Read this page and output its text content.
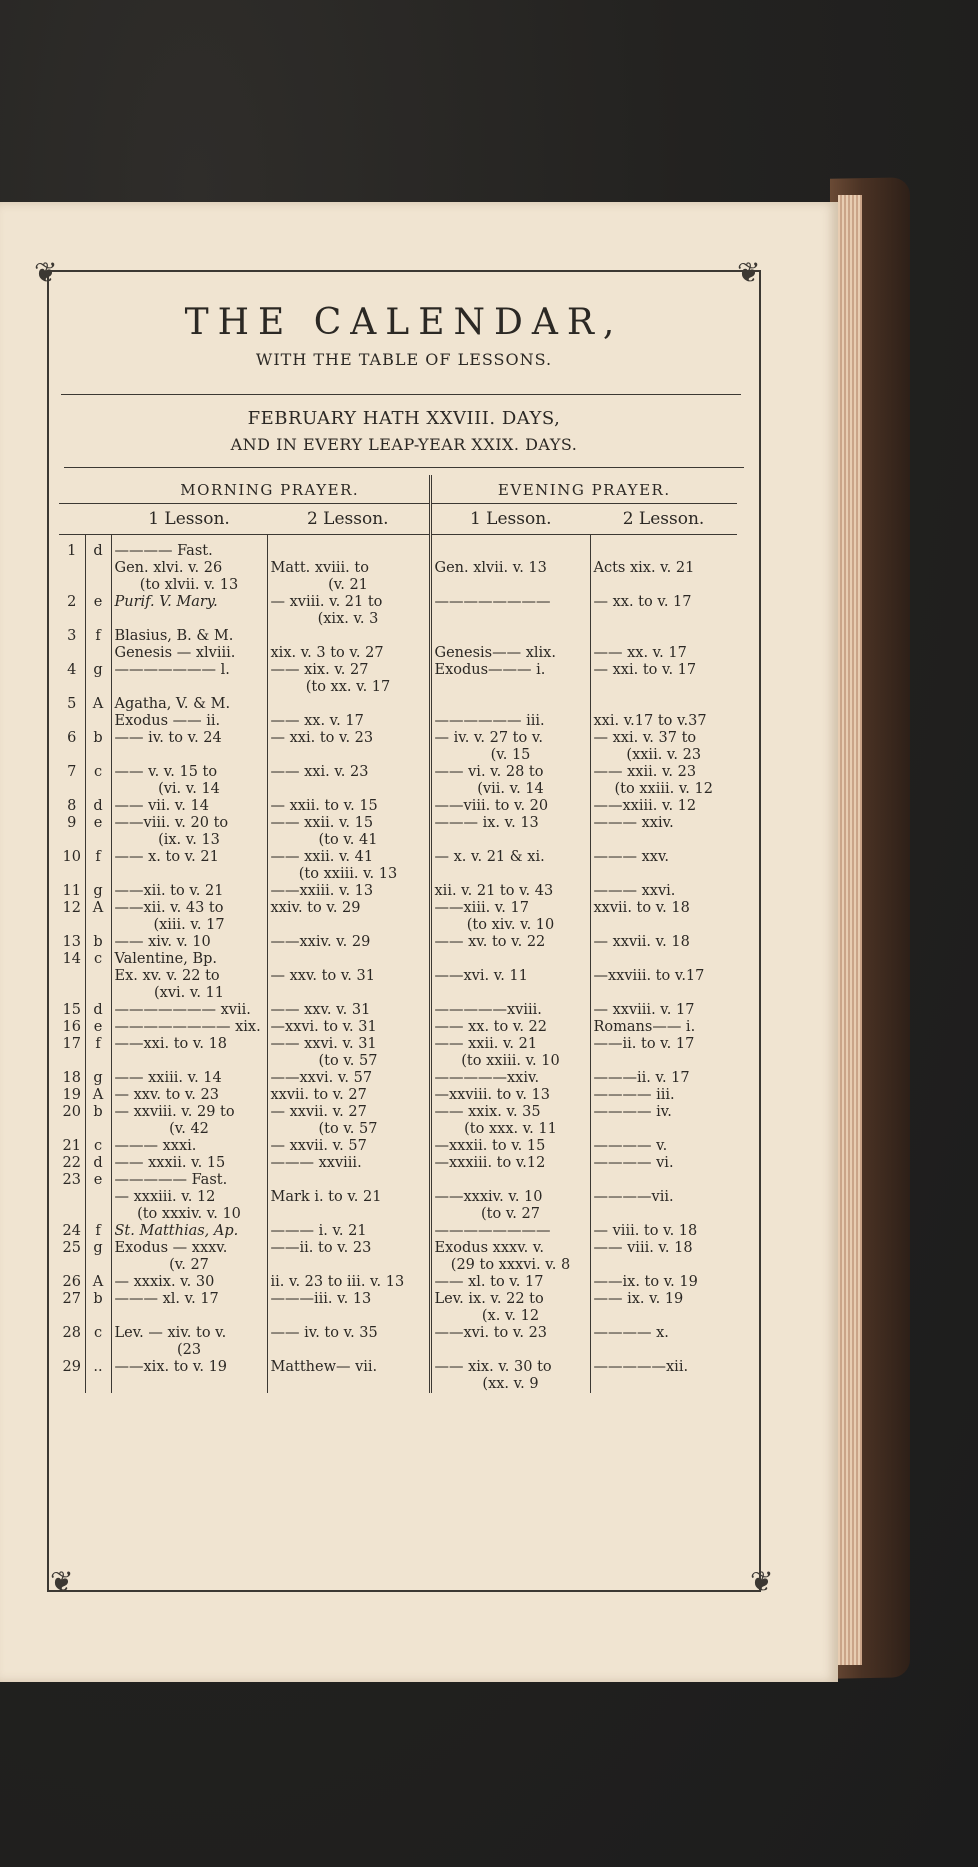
❦	❦
❦	❦
THE CALENDAR,
WITH THE TABLE OF LESSONS.
FEBRUARY HATH XXVIII. DAYS,
AND IN EVERY LEAP-YEAR XXIX. DAYS.
		MORNING PRAYER.		EVENING PRAYER.	
		1 Lesson.	2 Lesson.	1 Lesson.	2 Lesson.

1	d	———— Fast.			
		Gen. xlvi. v. 26	Matt. xviii. to	Gen. xlvii. v. 13	Acts xix. v. 21
		(to xlvii. v. 13	(v. 21		
2	e	Purif. V. Mary.	— xviii. v. 21 to	————————	— xx. to v. 17
			(xix. v. 3		
3	f	Blasius, B. & M.			
		Genesis — xlviii.	xix. v. 3 to v. 27	Genesis—— xlix.	—— xx. v. 17
4	g	——————— l.	—— xix. v. 27	Exodus——— i.	— xxi. to v. 17
			(to xx. v. 17		
5	A	Agatha, V. & M.			
		Exodus —— ii.	—— xx. v. 17	—————— iii.	xxi. v.17 to v.37
6	b	—— iv. to v. 24	— xxi. to v. 23	— iv. v. 27 to v.	— xxi. v. 37 to
				(v. 15	(xxii. v. 23
7	c	—— v. v. 15 to	—— xxi. v. 23	—— vi. v. 28 to	—— xxii. v. 23
		(vi. v. 14		(vii. v. 14	(to xxiii. v. 12
8	d	—— vii. v. 14	— xxii. to v. 15	——viii. to v. 20	——xxiii. v. 12
9	e	——viii. v. 20 to	—— xxii. v. 15	——— ix. v. 13	——— xxiv.
		(ix. v. 13	(to v. 41		
10	f	—— x. to v. 21	—— xxii. v. 41	— x. v. 21 & xi.	——— xxv.
			(to xxiii. v. 13		
11	g	——xii. to v. 21	——xxiii. v. 13	xii. v. 21 to v. 43	——— xxvi.
12	A	——xii. v. 43 to	xxiv. to v. 29	——xiii. v. 17	xxvii. to v. 18
		(xiii. v. 17		(to xiv. v. 10	
13	b	—— xiv. v. 10	——xxiv. v. 29	—— xv. to v. 22	— xxvii. v. 18
14	c	Valentine, Bp.			
		Ex. xv. v. 22 to	— xxv. to v. 31	——xvi. v. 11	—xxviii. to v.17
		(xvi. v. 11			
15	d	——————— xvii.	—— xxv. v. 31	—————xviii.	— xxviii. v. 17
16	e	———————— xix.	—xxvi. to v. 31	—— xx. to v. 22	Romans—— i.
17	f	——xxi. to v. 18	—— xxvi. v. 31	—— xxii. v. 21	——ii. to v. 17
			(to v. 57	(to xxiii. v. 10	
18	g	—— xxiii. v. 14	——xxvi. v. 57	—————xxiv.	———ii. v. 17
19	A	— xxv. to v. 23	xxvii. to v. 27	—xxviii. to v. 13	———— iii.
20	b	— xxviii. v. 29 to	— xxvii. v. 27	—— xxix. v. 35	———— iv.
		(v. 42	(to v. 57	(to xxx. v. 11	
21	c	——— xxxi.	— xxvii. v. 57	—xxxii. to v. 15	———— v.
22	d	—— xxxii. v. 15	——— xxviii.	—xxxiii. to v.12	———— vi.
23	e	————— Fast.			
		— xxxiii. v. 12	Mark i. to v. 21	——xxxiv. v. 10	————vii.
		(to xxxiv. v. 10		(to v. 27	
24	f	St. Matthias, Ap.	——— i. v. 21	————————	— viii. to v. 18
25	g	Exodus — xxxv.	——ii. to v. 23	Exodus xxxv. v.	—— viii. v. 18
		(v. 27		(29 to xxxvi. v. 8	
26	A	— xxxix. v. 30	ii. v. 23 to iii. v. 13	—— xl. to v. 17	——ix. to v. 19
27	b	——— xl. v. 17	———iii. v. 13	Lev. ix. v. 22 to	—— ix. v. 19
				(x. v. 12	
28	c	Lev. — xiv. to v.	—— iv. to v. 35	——xvi. to v. 23	———— x.
		(23			
29	..	——xix. to v. 19	Matthew— vii.	—— xix. v. 30 to	—————xii.
				(xx. v. 9	
